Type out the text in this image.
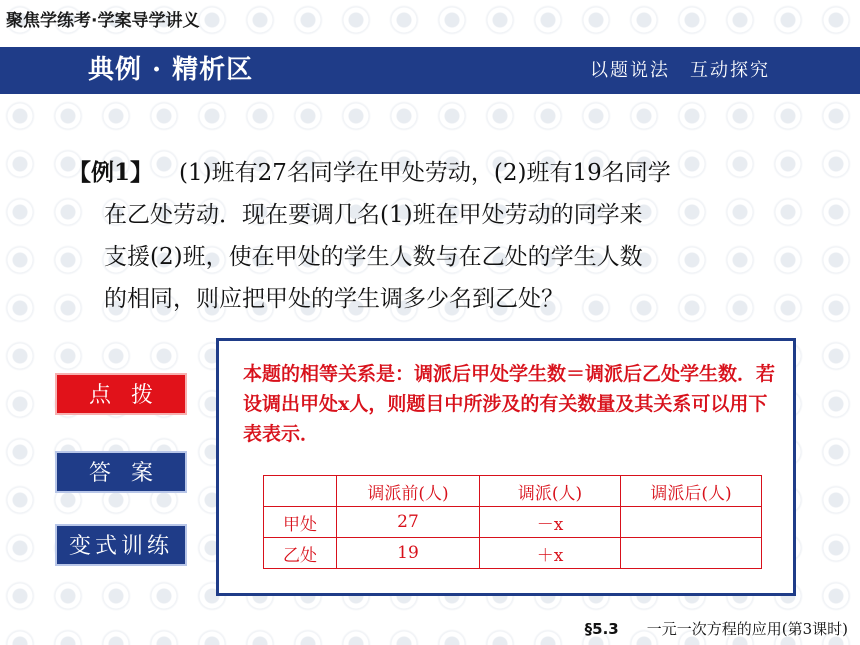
聚焦学练考·学案导学讲义
典例 · 精析区	以题说法　互动探究
【例1】 (1)班有27名同学在甲处劳动，(2)班有19名同学
在乙处劳动．现在要调几名(1)班在甲处劳动的同学来
支援(2)班，使在甲处的学生人数与在乙处的学生人数
的相同，则应把甲处的学生调多少名到乙处？
点拨
答案
变式训练
本题的相等关系是：调派后甲处学生数＝调派后乙处学生数．若设调出甲处x人，则题目中所涉及的有关数量及其关系可以用下表表示．
	调派前(人)	调派(人)	调派后(人)
甲处	27	－x	
乙处	19	＋x	
§5.3 一元一次方程的应用(第3课时)
